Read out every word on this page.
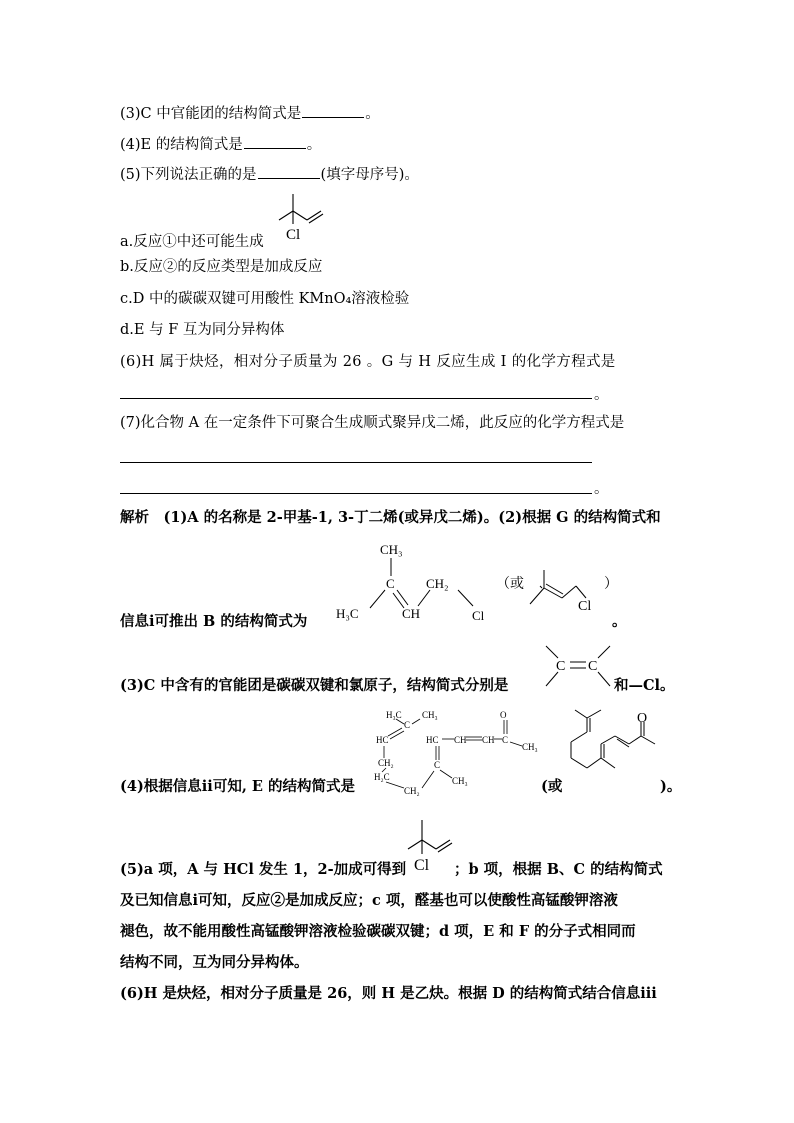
(3)C 中官能团的结构简式是	。
(4)E 的结构简式是	。
(5)下列说法正确的是	(填字母序号)。
Cl
a.反应①中还可能生成
b.反应②的反应类型是加成反应
c.D 中的碳碳双键可用酸性 KMnO₄溶液检验
d.E 与 F 互为同分异构体
(6)H 属于炔烃，相对分子质量为 26 。G 与 H 反应生成 I 的化学方程式是
。
(7)化合物 A 在一定条件下可聚合生成顺式聚异戊二烯，此反应的化学方程式是
。
解析　(1)A 的名称是 2-甲基-1, 3-丁二烯(或异戊二烯)。(2)根据 G 的结构简式和
CH₃
C CH₂
H₃C	CH	Cl
（或	）
Cl
信息ⅰ可推出 B 的结构简式为	。
C C
(3)C 中含有的官能团是碳碳双键和氯原子，结构简式分别是	和—Cl。
H₃C CH₃
C
HC	HC CH CH
O
C
CH₃
CH₂	C
H₂C
CH₂
CH₃
O
(4)根据信息ⅱ可知, E 的结构简式是	(或	)。
Cl
(5)a 项，A 与 HCl 发生 1，2-加成可得到	；b 项，根据 B、C 的结构简式
及已知信息ⅰ可知，反应②是加成反应；c 项，醛基也可以使酸性高锰酸钾溶液
褪色，故不能用酸性高锰酸钾溶液检验碳碳双键；d 项，E 和 F 的分子式相同而
结构不同，互为同分异构体。
(6)H 是炔烃，相对分子质量是 26，则 H 是乙炔。根据 D 的结构简式结合信息ⅲ
